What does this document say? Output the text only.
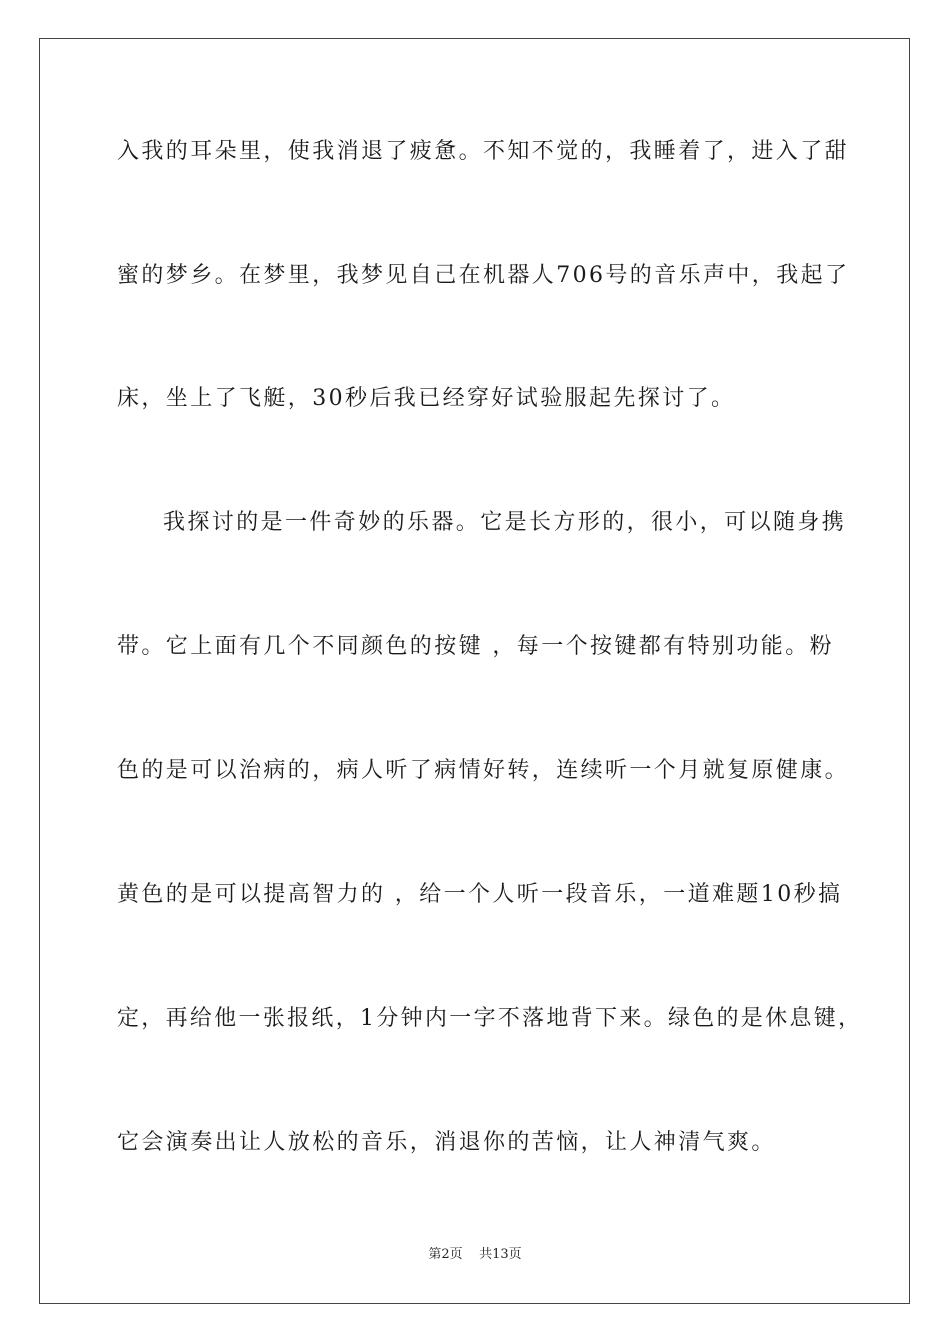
入我的耳朵里，使我消退了疲惫。不知不觉的，我睡着了，进入了甜

蜜的梦乡。在梦里，我梦见自己在机器人706号的音乐声中，我起了

床，坐上了飞艇，30秒后我已经穿好试验服起先探讨了。

我探讨的是一件奇妙的乐器。它是长方形的，很小，可以随身携

带。它上面有几个不同颜色的按键 ，每一个按键都有特别功能。粉

色的是可以治病的，病人听了病情好转，连续听一个月就复原健康。

黄色的是可以提高智力的 ，给一个人听一段音乐，一道难题10秒搞

定，再给他一张报纸，1分钟内一字不落地背下来。绿色的是休息键，

它会演奏出让人放松的音乐，消退你的苦恼，让人神清气爽。

第2页 共13页
